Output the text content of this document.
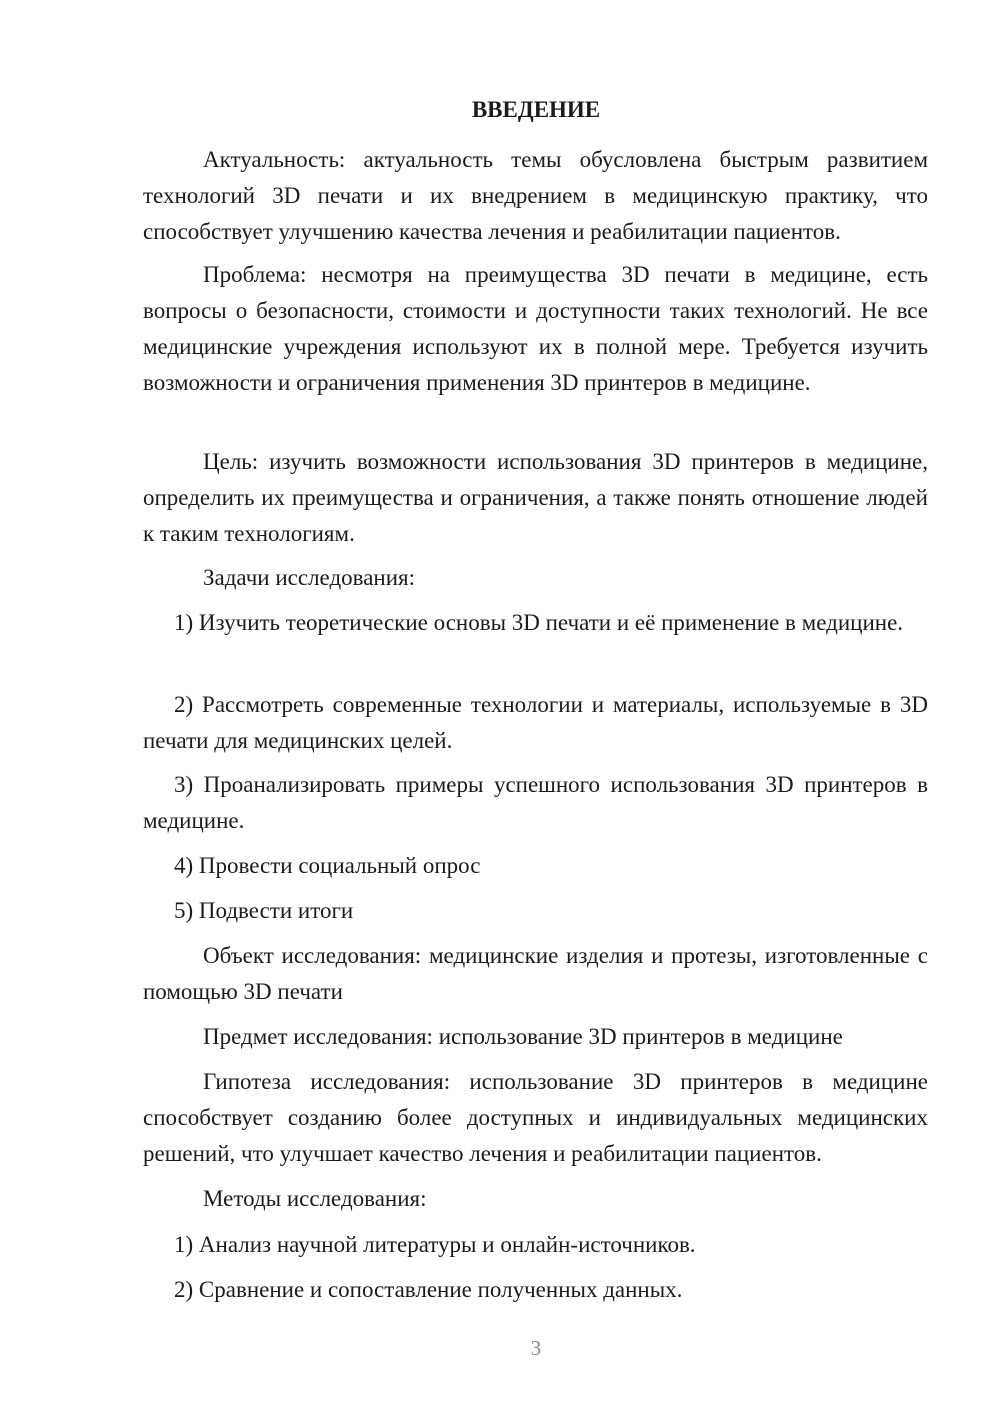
ВВЕДЕНИЕ

Актуальность: актуальность темы обусловлена быстрым развитием технологий 3D печати и их внедрением в медицинскую практику, что способствует улучшению качества лечения и реабилитации пациентов.

Проблема: несмотря на преимущества 3D печати в медицине, есть вопросы о безопасности, стоимости и доступности таких технологий. Не все медицинские учреждения используют их в полной мере. Требуется изучить возможности и ограничения применения 3D принтеров в медицине.

Цель: изучить возможности использования 3D принтеров в медицине, определить их преимущества и ограничения, а также понять отношение людей к таким технологиям.

Задачи исследования:

1) Изучить теоретические основы 3D печати и её применение в медицине.

2) Рассмотреть современные технологии и материалы, используемые в 3D печати для медицинских целей.

3) Проанализировать примеры успешного использования 3D принтеров в медицине.

4) Провести социальный опрос

5) Подвести итоги

Объект исследования: медицинские изделия и протезы, изготовленные с помощью 3D печати

Предмет исследования: использование 3D принтеров в медицине

Гипотеза исследования: использование 3D принтеров в медицине способствует созданию более доступных и индивидуальных медицинских решений, что улучшает качество лечения и реабилитации пациентов.

Методы исследования:

1) Анализ научной литературы и онлайн-источников.

2) Сравнение и сопоставление полученных данных.

3
